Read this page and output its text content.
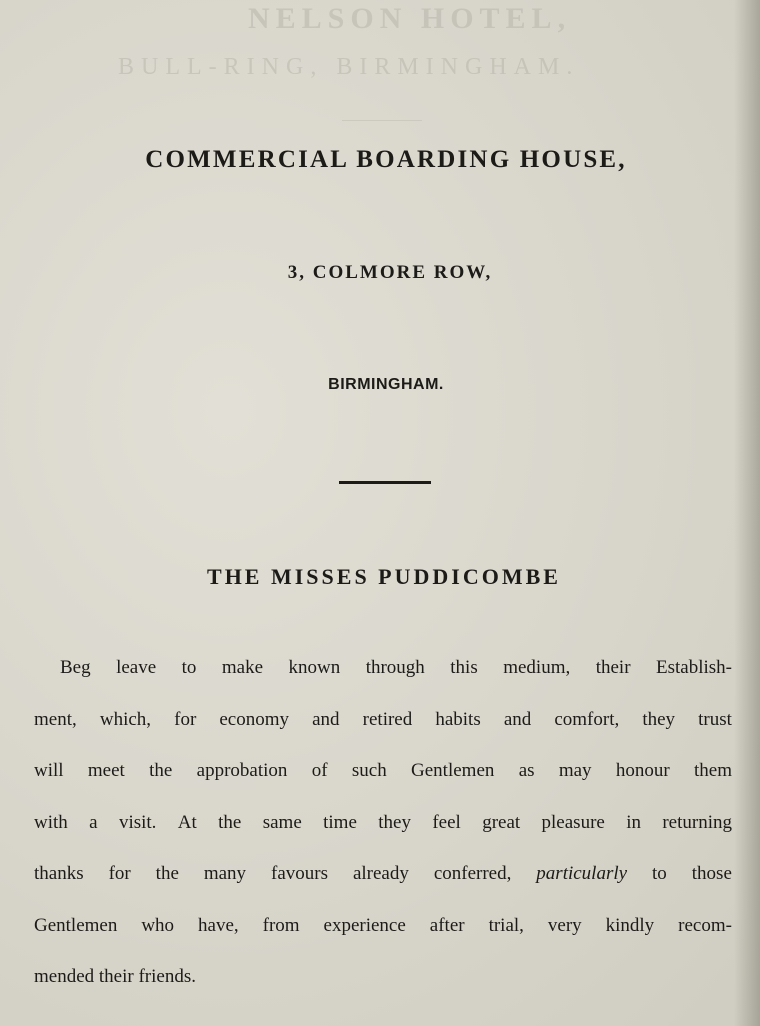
NELSON HOTEL,
BULL-RING, BIRMINGHAM.
COMMERCIAL BOARDING HOUSE,
3, COLMORE ROW,
BIRMINGHAM.
THE MISSES PUDDICOMBE
Beg leave to make known through this medium, their Establish-
ment, which, for economy and retired habits and comfort, they trust
will meet the approbation of such Gentlemen as may honour them
with a visit. At the same time they feel great pleasure in returning
thanks for the many favours already conferred, particularly to those
Gentlemen who have, from experience after trial, very kindly recom-
mended their friends.
